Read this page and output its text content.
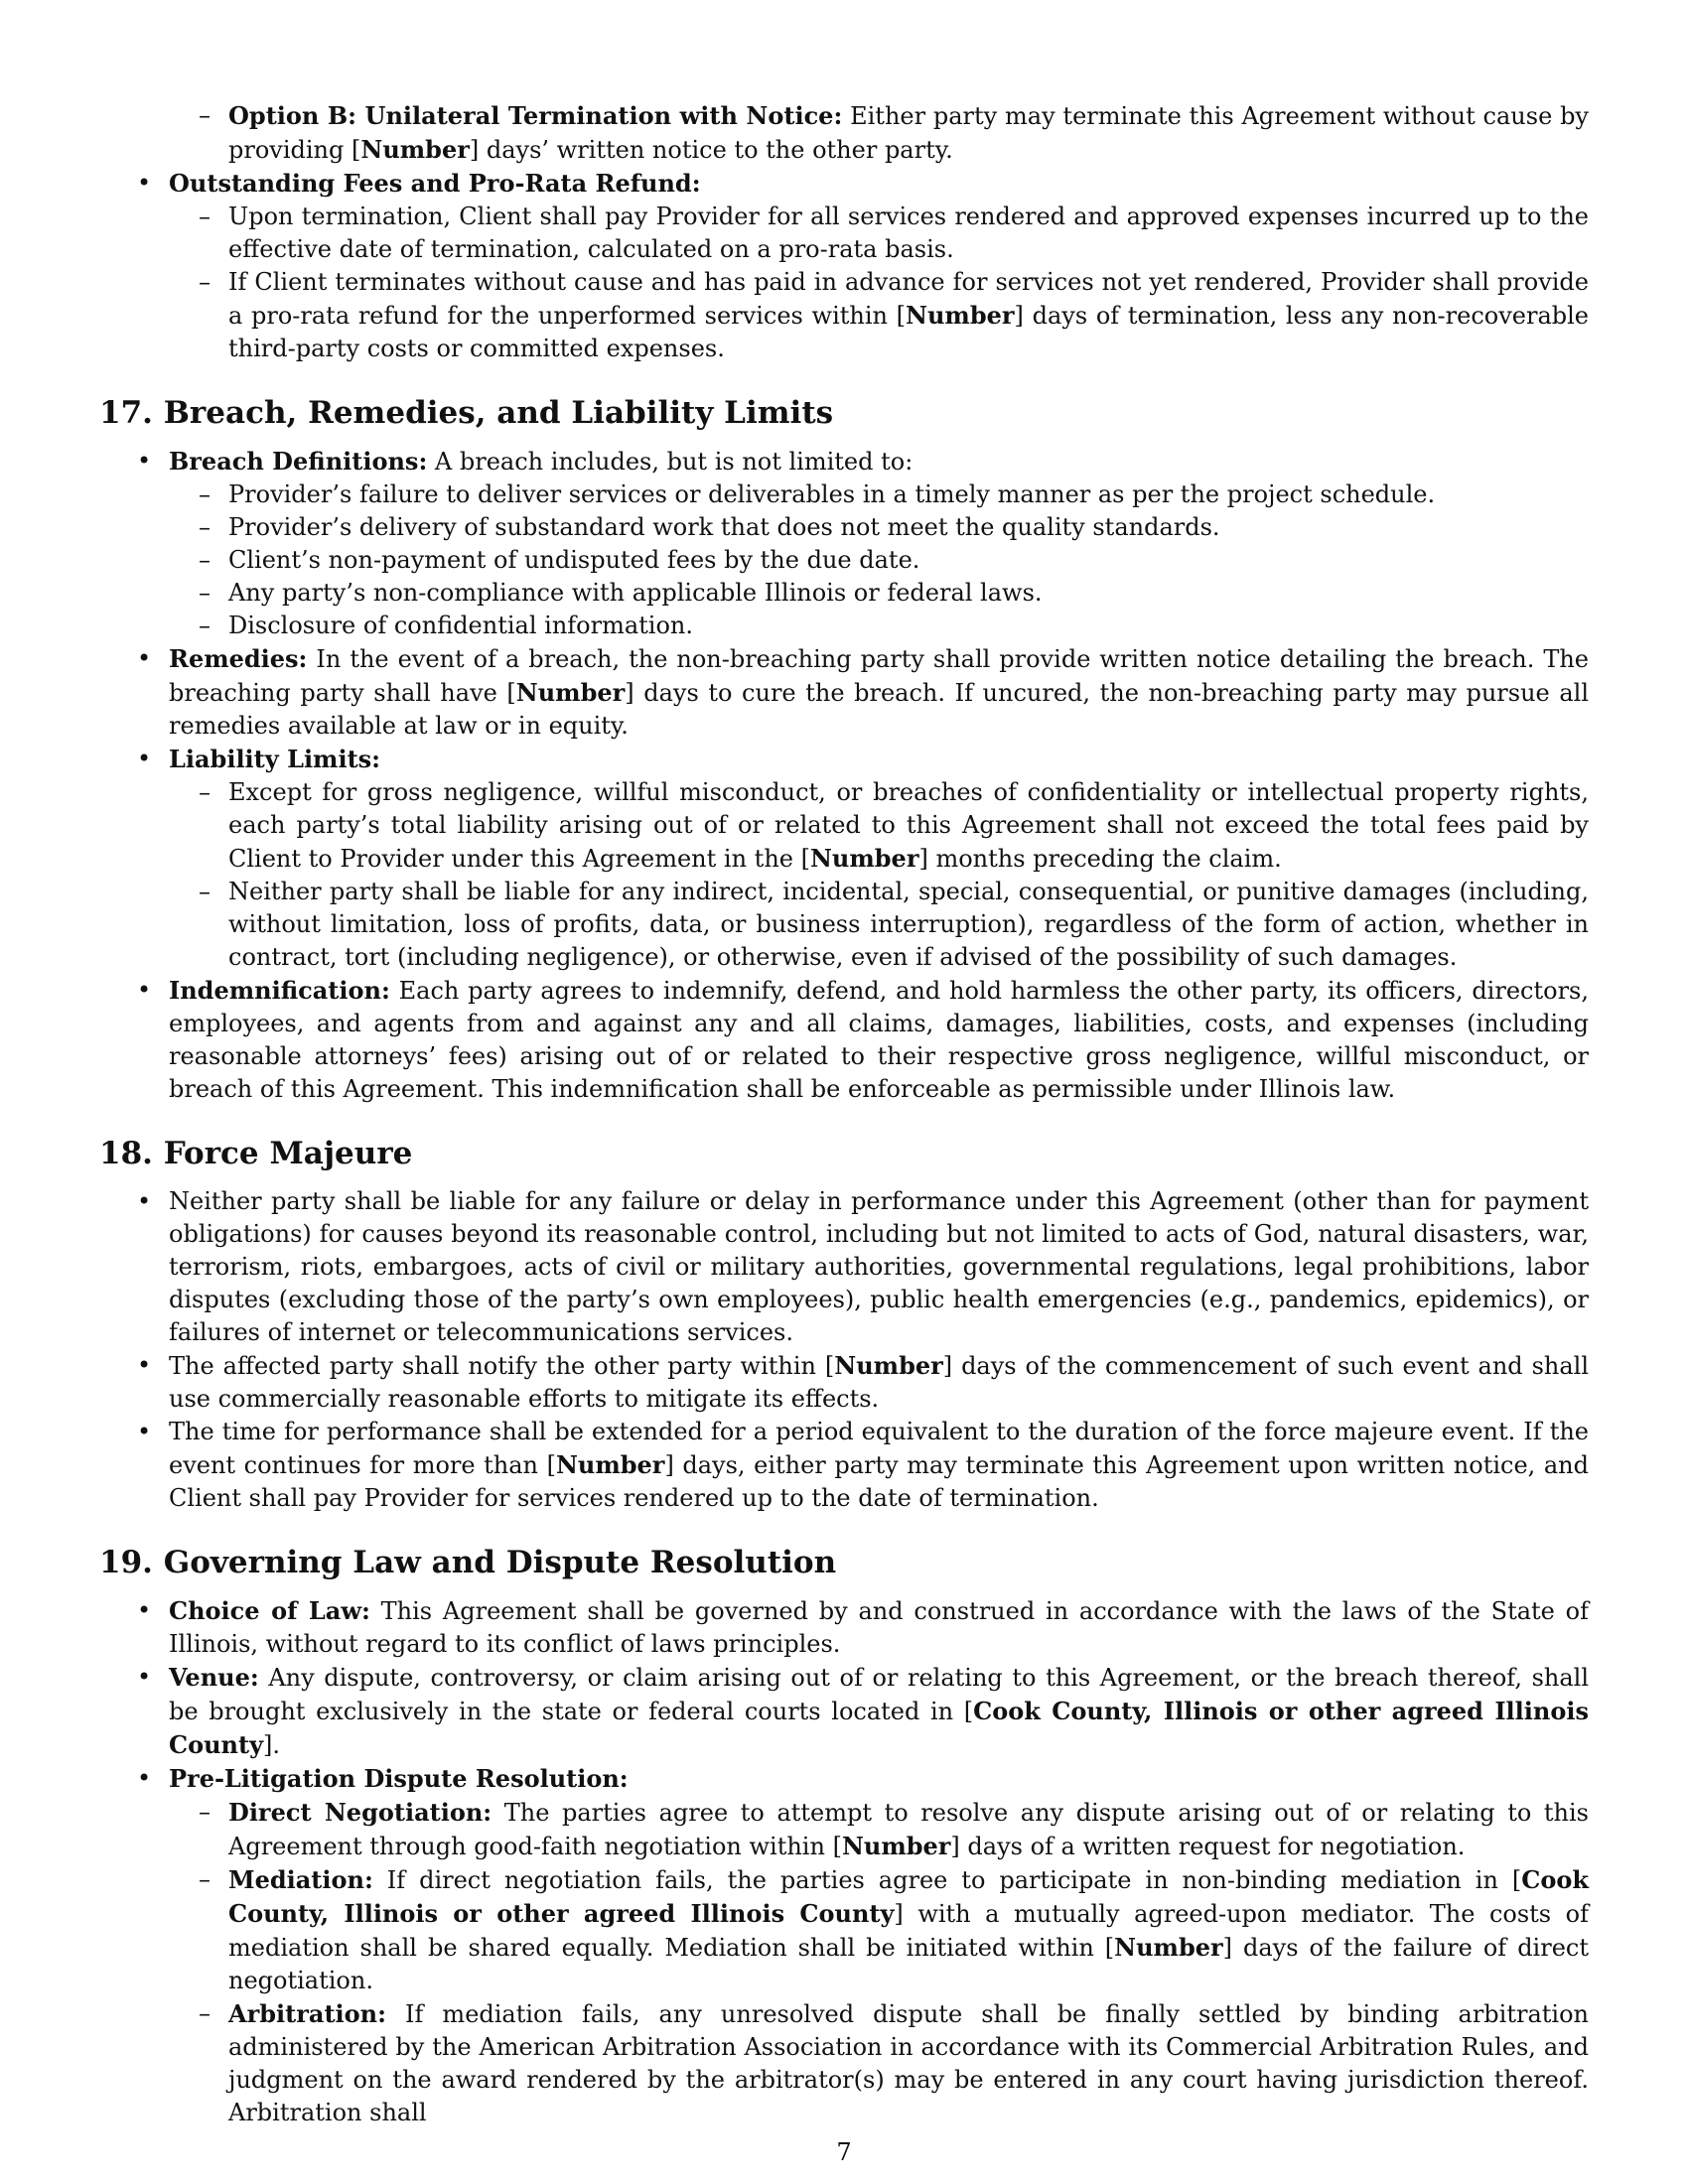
– Option B: Unilateral Termination with Notice: Either party may terminate this Agreement without cause by providing [Number] days’ written notice to the other party.
• Outstanding Fees and Pro-Rata Refund:
– Upon termination, Client shall pay Provider for all services rendered and approved expenses incurred up to the effective date of termination, calculated on a pro-rata basis.
– If Client terminates without cause and has paid in advance for services not yet rendered, Provider shall provide a pro-rata refund for the unperformed services within [Number] days of termination, less any non-recoverable third-party costs or committed expenses.
17. Breach, Remedies, and Liability Limits
• Breach Definitions: A breach includes, but is not limited to:
– Provider’s failure to deliver services or deliverables in a timely manner as per the project schedule.
– Provider’s delivery of substandard work that does not meet the quality standards.
– Client’s non-payment of undisputed fees by the due date.
– Any party’s non-compliance with applicable Illinois or federal laws.
– Disclosure of confidential information.
• Remedies: In the event of a breach, the non-breaching party shall provide written notice detailing the breach. The breaching party shall have [Number] days to cure the breach. If uncured, the non-breaching party may pursue all remedies available at law or in equity.
• Liability Limits:
– Except for gross negligence, willful misconduct, or breaches of confidentiality or intellectual property rights, each party’s total liability arising out of or related to this Agreement shall not exceed the total fees paid by Client to Provider under this Agreement in the [Number] months preceding the claim.
– Neither party shall be liable for any indirect, incidental, special, consequential, or punitive damages (including, without limitation, loss of profits, data, or business interruption), regardless of the form of action, whether in contract, tort (including negligence), or otherwise, even if advised of the possibility of such damages.
• Indemnification: Each party agrees to indemnify, defend, and hold harmless the other party, its officers, directors, employees, and agents from and against any and all claims, damages, liabilities, costs, and expenses (including reasonable attorneys’ fees) arising out of or related to their respective gross negligence, willful misconduct, or breach of this Agreement. This indemnification shall be enforceable as permissible under Illinois law.
18. Force Majeure
• Neither party shall be liable for any failure or delay in performance under this Agreement (other than for payment obligations) for causes beyond its reasonable control, including but not limited to acts of God, natural disasters, war, terrorism, riots, embargoes, acts of civil or military authorities, governmental regulations, legal prohibitions, labor disputes (excluding those of the party’s own employees), public health emergencies (e.g., pandemics, epidemics), or failures of internet or telecommunications services.
• The affected party shall notify the other party within [Number] days of the commencement of such event and shall use commercially reasonable efforts to mitigate its effects.
• The time for performance shall be extended for a period equivalent to the duration of the force majeure event. If the event continues for more than [Number] days, either party may terminate this Agreement upon written notice, and Client shall pay Provider for services rendered up to the date of termination.
19. Governing Law and Dispute Resolution
• Choice of Law: This Agreement shall be governed by and construed in accordance with the laws of the State of Illinois, without regard to its conflict of laws principles.
• Venue: Any dispute, controversy, or claim arising out of or relating to this Agreement, or the breach thereof, shall be brought exclusively in the state or federal courts located in [Cook County, Illinois or other agreed Illinois County].
• Pre-Litigation Dispute Resolution:
– Direct Negotiation: The parties agree to attempt to resolve any dispute arising out of or relating to this Agreement through good-faith negotiation within [Number] days of a written request for negotiation.
– Mediation: If direct negotiation fails, the parties agree to participate in non-binding mediation in [Cook County, Illinois or other agreed Illinois County] with a mutually agreed-upon mediator. The costs of mediation shall be shared equally. Mediation shall be initiated within [Number] days of the failure of direct negotiation.
– Arbitration: If mediation fails, any unresolved dispute shall be finally settled by binding arbitration administered by the American Arbitration Association in accordance with its Commercial Arbitration Rules, and judgment on the award rendered by the arbitrator(s) may be entered in any court having jurisdiction thereof. Arbitration shall
7
